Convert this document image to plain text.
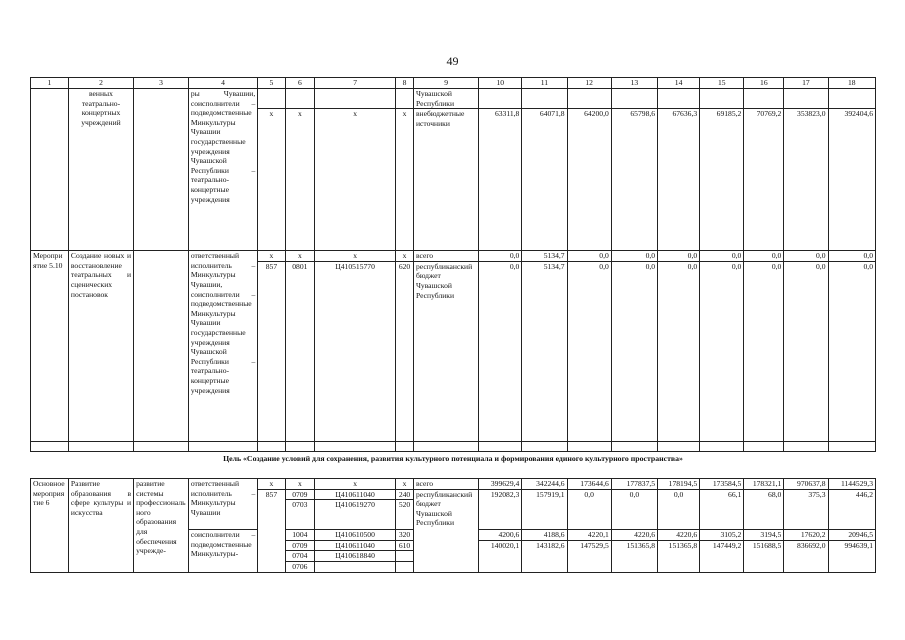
49
1	2	3	4	5	6	7	8	9	10	11	12	13	14	15	16	17	18
	венных театрально-концертных учреждений		ры Чувашии, соисполнители – подведомственные Минкультуры Чувашии государственные учреждения Чувашской Республики – театрально-концертные учреждения					Чувашской Республики									
				x	x	x	x	внебюджетные источники	63311,8	64071,8	64200,0	65798,6	67636,3	69185,2	70769,2	353823,0	392404,6
Мероприятие 5.10	Создание новых и восстановление театральных и сценических постановок		ответственный исполнитель – Минкультуры Чувашии, соисполнители – подведомственные Минкультуры Чувашии государственные учреждения Чувашской Республики – театрально-концертные учреждения	x	x	x	x	всего	0,0	5134,7	0,0	0,0	0,0	0,0	0,0	0,0	0,0
				857	0801	Ц410515770	620	республиканский бюджет Чувашской Республики	0,0	5134,7	0,0	0,0	0,0	0,0	0,0	0,0	0,0
Цель «Создание условий для сохранения, развития культурного потенциала и формирования единого культурного пространства»
Основное мероприятие 6	Развитие образования в сфере культуры и искусства	развитие системы профессионального образования для обеспечения учрежде-	ответственный исполнитель – Минкультуры Чувашии	x	x	x	x	всего	399629,4	342244,6	173644,6	177837,5	178194,5	173584,5	178321,1	970637,8	1144529,3
				857	0709	Ц410611040	240	республиканский бюджет Чувашской Республики	192082,3	157919,1	0,0	0,0	0,0	66,1	68,0	375,3	446,2
					0703	Ц410619270	520										
			соисполнители – подведомственные Минкультуры-		1004	Ц410610500	320		4200,6	4188,6	4220,1	4220,6	4220,6	3105,2	3194,5	17620,2	20946,5
					0709	Ц410611040	610		140020,1	143182,6	147529,5	151365,8	151365,8	147449,2	151688,5	836692,0	994639,1
					0704	Ц410618840											
					0706												
